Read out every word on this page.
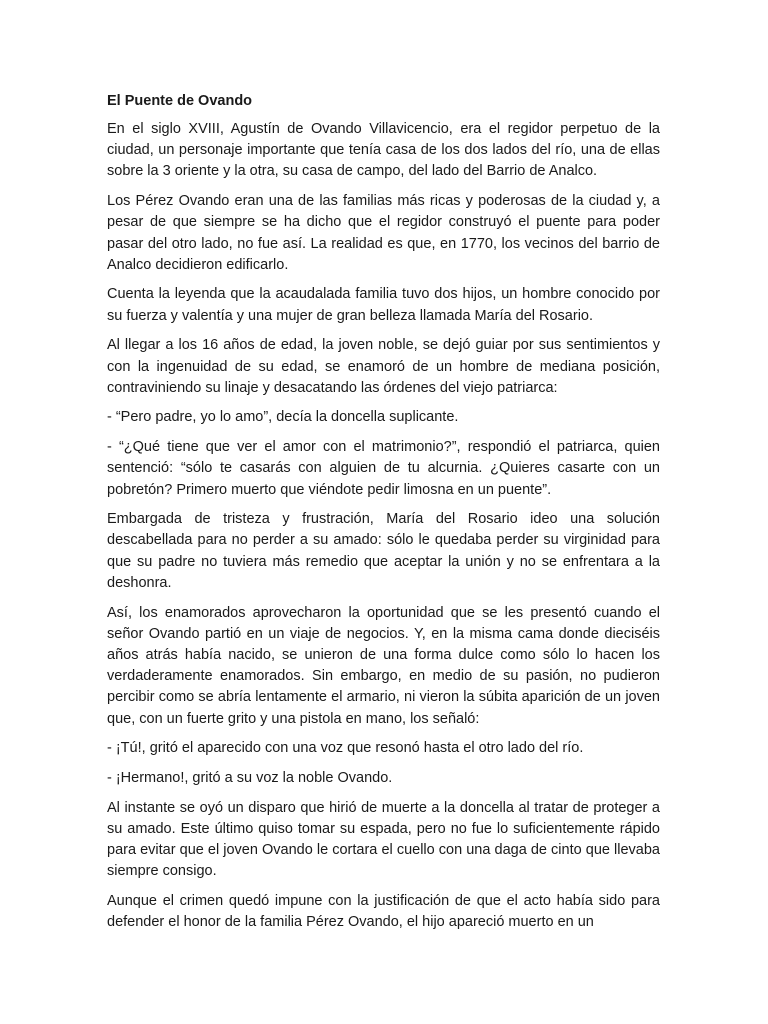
El Puente de Ovando

En el siglo XVIII, Agustín de Ovando Villavicencio, era el regidor perpetuo de la ciudad, un personaje importante que tenía casa de los dos lados del río, una de ellas sobre la 3 oriente y la otra, su casa de campo, del lado del Barrio de Analco.

Los Pérez Ovando eran una de las familias más ricas y poderosas de la ciudad y, a pesar de que siempre se ha dicho que el regidor construyó el puente para poder pasar del otro lado, no fue así. La realidad es que, en 1770, los vecinos del barrio de Analco decidieron edificarlo.

Cuenta la leyenda que la acaudalada familia tuvo dos hijos, un hombre conocido por su fuerza y valentía y una mujer de gran belleza llamada María del Rosario.

Al llegar a los 16 años de edad, la joven noble, se dejó guiar por sus sentimientos y con la ingenuidad de su edad, se enamoró de un hombre de mediana posición, contraviniendo su linaje y desacatando las órdenes del viejo patriarca:

- “Pero padre, yo lo amo”, decía la doncella suplicante.

- “¿Qué tiene que ver el amor con el matrimonio?”, respondió el patriarca, quien sentenció: “sólo te casarás con alguien de tu alcurnia. ¿Quieres casarte con un pobretón? Primero muerto que viéndote pedir limosna en un puente”.

Embargada de tristeza y frustración, María del Rosario ideo una solución descabellada para no perder a su amado: sólo le quedaba perder su virginidad para que su padre no tuviera más remedio que aceptar la unión y no se enfrentara a la deshonra.

Así, los enamorados aprovecharon la oportunidad que se les presentó cuando el señor Ovando partió en un viaje de negocios. Y, en la misma cama donde dieciséis años atrás había nacido, se unieron de una forma dulce como sólo lo hacen los verdaderamente enamorados. Sin embargo, en medio de su pasión, no pudieron percibir como se abría lentamente el armario, ni vieron la súbita aparición de un joven que, con un fuerte grito y una pistola en mano, los señaló:

- ¡Tú!, gritó el aparecido con una voz que resonó hasta el otro lado del río.

- ¡Hermano!, gritó a su voz la noble Ovando.

Al instante se oyó un disparo que hirió de muerte a la doncella al tratar de proteger a su amado. Este último quiso tomar su espada, pero no fue lo suficientemente rápido para evitar que el joven Ovando le cortara el cuello con una daga de cinto que llevaba siempre consigo.

Aunque el crimen quedó impune con la justificación de que el acto había sido para defender el honor de la familia Pérez Ovando, el hijo apareció muerto en un
